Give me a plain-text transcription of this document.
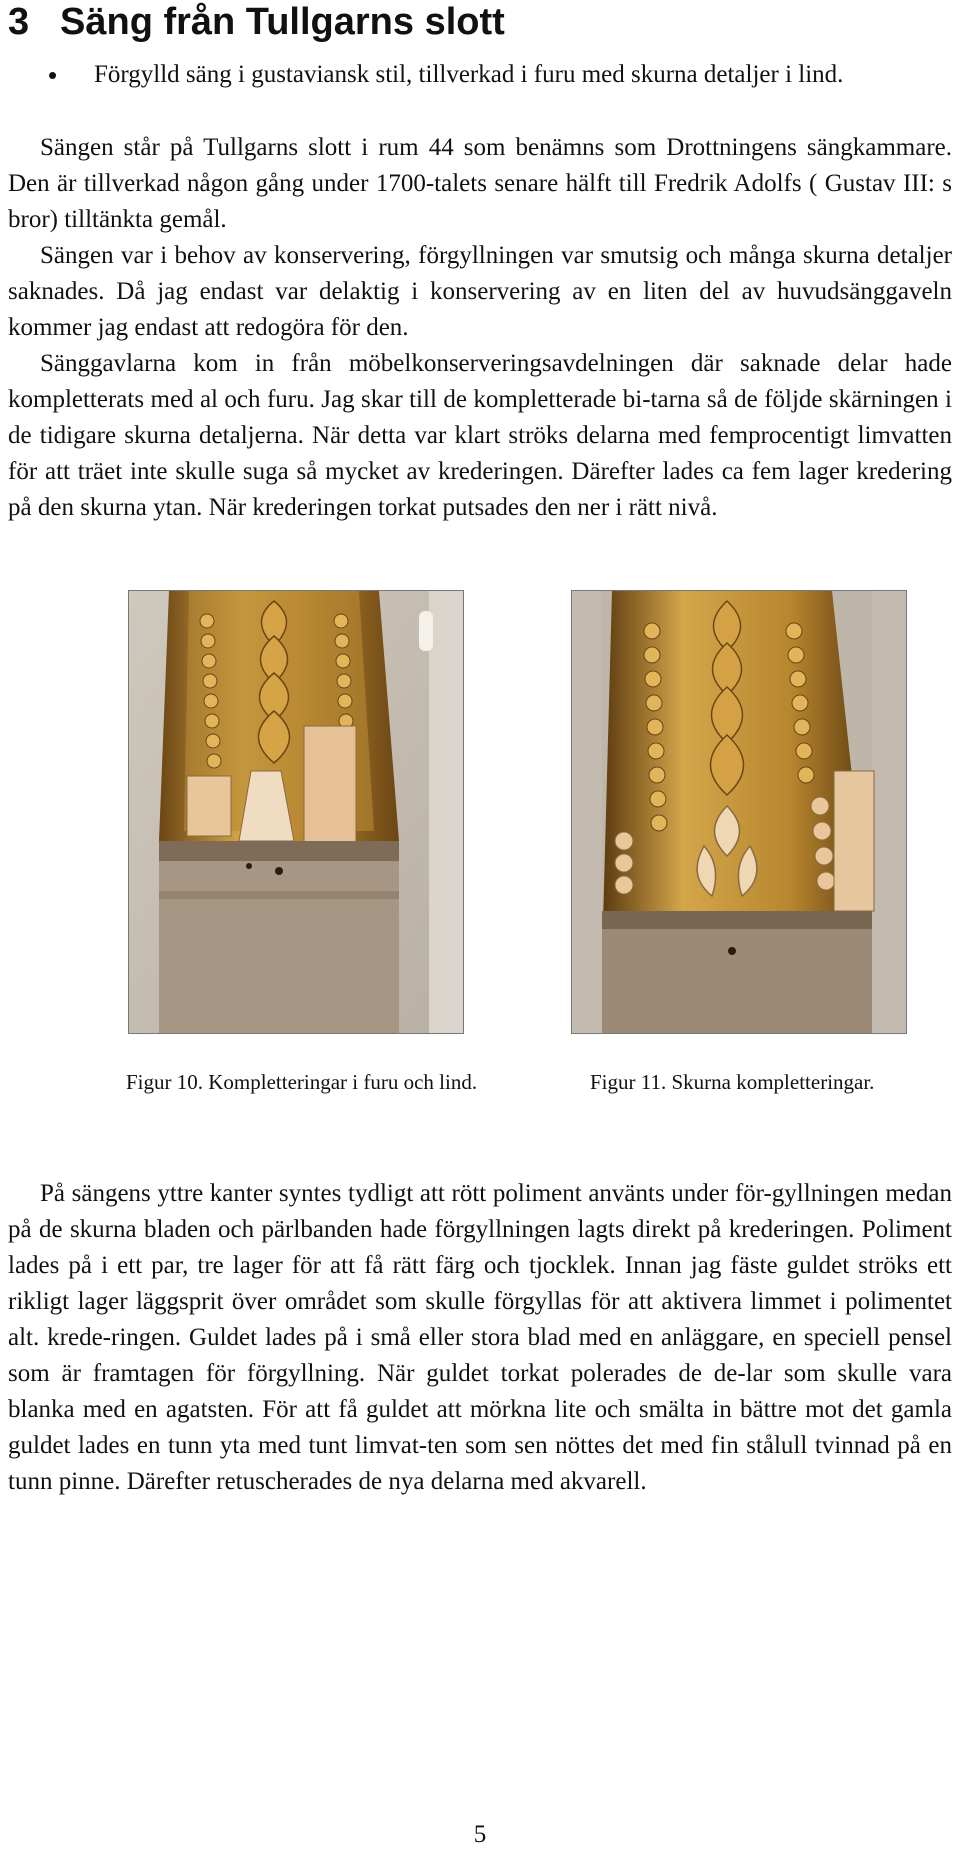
3 Säng från Tullgarns slott
• Förgylld säng i gustaviansk stil, tillverkad i furu med skurna detaljer i lind.

Sängen står på Tullgarns slott i rum 44 som benämns som Drottningens sängkammare. Den är tillverkad någon gång under 1700-talets senare hälft till Fredrik Adolfs ( Gustav III: s bror) tilltänkta gemål.

Sängen var i behov av konservering, förgyllningen var smutsig och många skurna detaljer saknades. Då jag endast var delaktig i konservering av en liten del av huvudsänggaveln kommer jag endast att redogöra för den.

Sänggavlarna kom in från möbelkonserveringsavdelningen där saknade delar hade kompletterats med al och furu. Jag skar till de kompletterade bi-tarna så de följde skärningen i de tidigare skurna detaljerna. När detta var klart ströks delarna med femprocentigt limvatten för att träet inte skulle suga så mycket av krederingen. Därefter lades ca fem lager kredering på den skurna ytan. När krederingen torkat putsades den ner i rätt nivå.

Figur 10. Kompletteringar i furu och lind.	Figur 11. Skurna kompletteringar.

På sängens yttre kanter syntes tydligt att rött poliment använts under för-gyllningen medan på de skurna bladen och pärlbanden hade förgyllningen lagts direkt på krederingen. Poliment lades på i ett par, tre lager för att få rätt färg och tjocklek. Innan jag fäste guldet ströks ett rikligt lager läggsprit över området som skulle förgyllas för att aktivera limmet i polimentet alt. krede-ringen. Guldet lades på i små eller stora blad med en anläggare, en speciell pensel som är framtagen för förgyllning. När guldet torkat polerades de de-lar som skulle vara blanka med en agatsten. För att få guldet att mörkna lite och smälta in bättre mot det gamla guldet lades en tunn yta med tunt limvat-ten som sen nöttes det med fin stålull tvinnad på en tunn pinne. Därefter retuscherades de nya delarna med akvarell.

5
